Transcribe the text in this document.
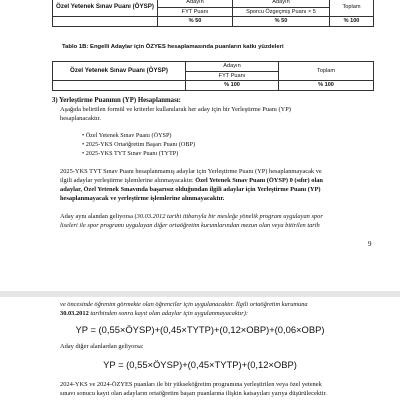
Özel Yetenek Sınav Puanı (ÖYSP)	Adayın	Adayın	Toplam
	FYT Puanı	Sporcu Özgeçmiş Puanı × 5	
	% 50	% 50	% 100
Tablo 1B: Engelli Adaylar için ÖZYES hesaplamasında puanların katkı yüzdeleri
Özel Yetenek Sınav Puanı (ÖYSP)	Adayın	Toplam
	FYT Puanı	
	% 100	% 100
3) Yerleştirme Puanının (YP) Hesaplanması:
Aşağıda belirtilen formül ve kriterler kullanılarak her aday için bir Yerleştirme Puanı (YP)
hesaplanacaktır.
• Özel Yetenek Sınav Puanı (ÖYSP)
• 2025-YKS Ortaöğretim Başarı Puanı (OBP)
• 2025-YKS TYT Sınav Puanı (TYTP)
2025-YKS TYT Sınav Puanı hesaplanmamış adaylar için Yerleştirme Puanı (YP) hesaplanmayacak ve
ilgili adaylar yerleştirme işlemlerine alınmayacaktır. Özel Yetenek Sınav Puanı (ÖYSP) 0 (sıfır) olan
adaylar, Özel Yetenek Sınavında başarısız olduğundan ilgili adaylar için Yerleştirme Puanı (YP)
hesaplanmayacak ve yerleştirme işlemlerine alınmayacaktır.
Aday aynı alandan geliyorsa (30.03.2012 tarihi itibarıyla bir mesleğe yönelik program uygulayan spor
liseleri ile spor programı uygulayan diğer ortaöğretim kurumlarından mezun olan veya bitirilen tarih
9
ve öncesinde öğrenim görmekte olan öğrenciler için uygulanacaktır. İlgili ortaöğretim kurumuna
30.03.2012 tarihinden sonra kayıt olan adaylar için uygulanmayacaktır):
YP = (0,55×ÖYSP)+(0,45×TYTP)+(0,12×OBP)+(0,06×OBP)
Aday diğer alanlardan geliyorsa:
YP = (0,55×ÖYSP)+(0,45×TYTP)+(0,12×OBP)
2024-YKS ve 2024-ÖZYES puanları ile bir yükseköğretim programına yerleştirilen veya özel yetenek
sınavı sonucu kayıt olan adayların ortaöğretim başarı puanlarına ilişkin katsayıları yarıya düşürülecektir.
